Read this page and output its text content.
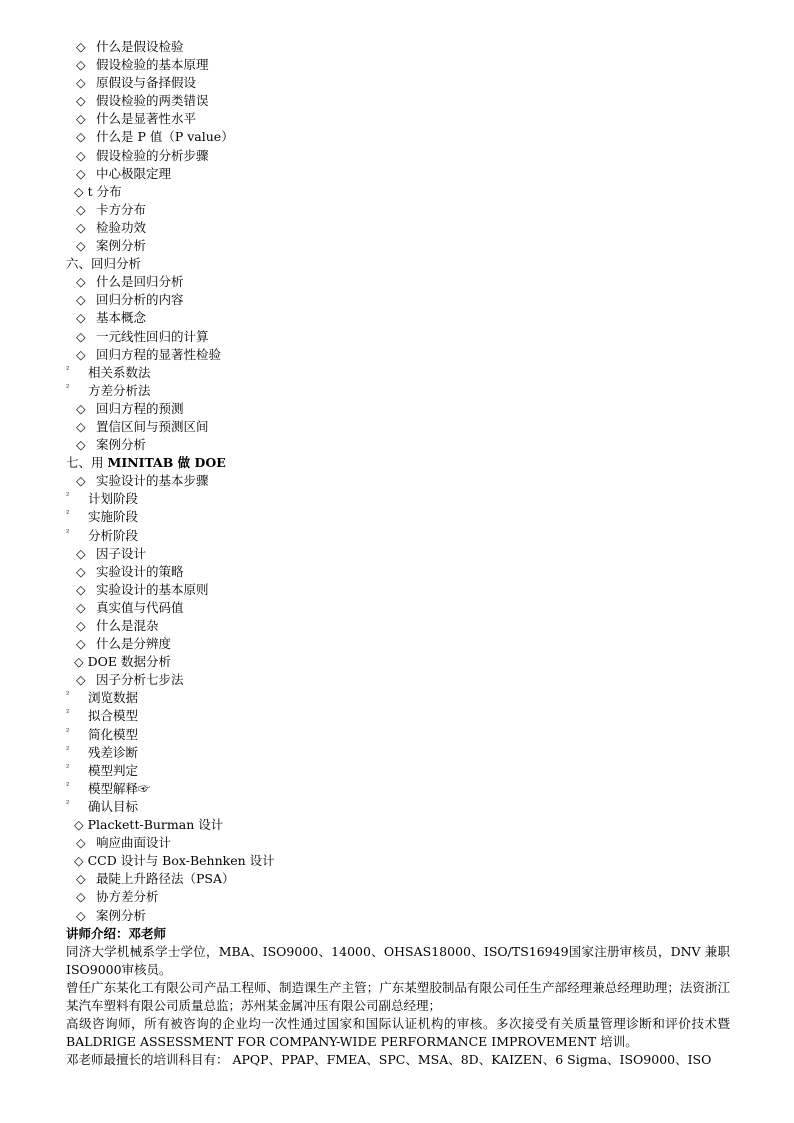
◇ 什么是假设检验
◇ 假设检验的基本原理
◇ 原假设与备择假设
◇ 假设检验的两类错误
◇ 什么是显著性水平
◇ 什么是 P 值（P value）
◇ 假设检验的分析步骤
◇ 中心极限定理
◇ t 分布
◇ 卡方分布
◇ 检验功效
◇ 案例分析
六、回归分析
◇ 什么是回归分析
◇ 回归分析的内容
◇ 基本概念
◇ 一元线性回归的计算
◇ 回归方程的显著性检验
² 相关系数法
² 方差分析法
◇ 回归方程的预测
◇ 置信区间与预测区间
◇ 案例分析
七、用 MINITAB 做 DOE
◇ 实验设计的基本步骤
² 计划阶段
² 实施阶段
² 分析阶段
◇ 因子设计
◇ 实验设计的策略
◇ 实验设计的基本原则
◇ 真实值与代码值
◇ 什么是混杂
◇ 什么是分辨度
◇ DOE 数据分析
◇ 因子分析七步法
² 浏览数据
² 拟合模型
² 简化模型
² 残差诊断
² 模型判定
² 模型解释☞
² 确认目标
◇ Plackett-Burman 设计
◇ 响应曲面设计
◇ CCD 设计与 Box-Behnken 设计
◇ 最陡上升路径法（PSA）
◇ 协方差分析
◇ 案例分析
讲师介绍：邓老师
同济大学机械系学士学位，MBA、ISO9000、14000、OHSAS18000、ISO/TS16949国家注册审核员，DNV 兼职 ISO9000审核员。
曾任广东某化工有限公司产品工程师、制造课生产主管；广东某塑胶制品有限公司任生产部经理兼总经理助理；法资浙江某汽车塑料有限公司质量总监；苏州某金属冲压有限公司副总经理；
高级咨询师，所有被咨询的企业均一次性通过国家和国际认证机构的审核。多次接受有关质量管理诊断和评价技术暨 BALDRIGE ASSESSMENT FOR COMPANY-WIDE PERFORMANCE IMPROVEMENT 培训。
邓老师最擅长的培训科目有： APQP、PPAP、FMEA、SPC、MSA、8D、KAIZEN、6 Sigma、ISO9000、ISO
